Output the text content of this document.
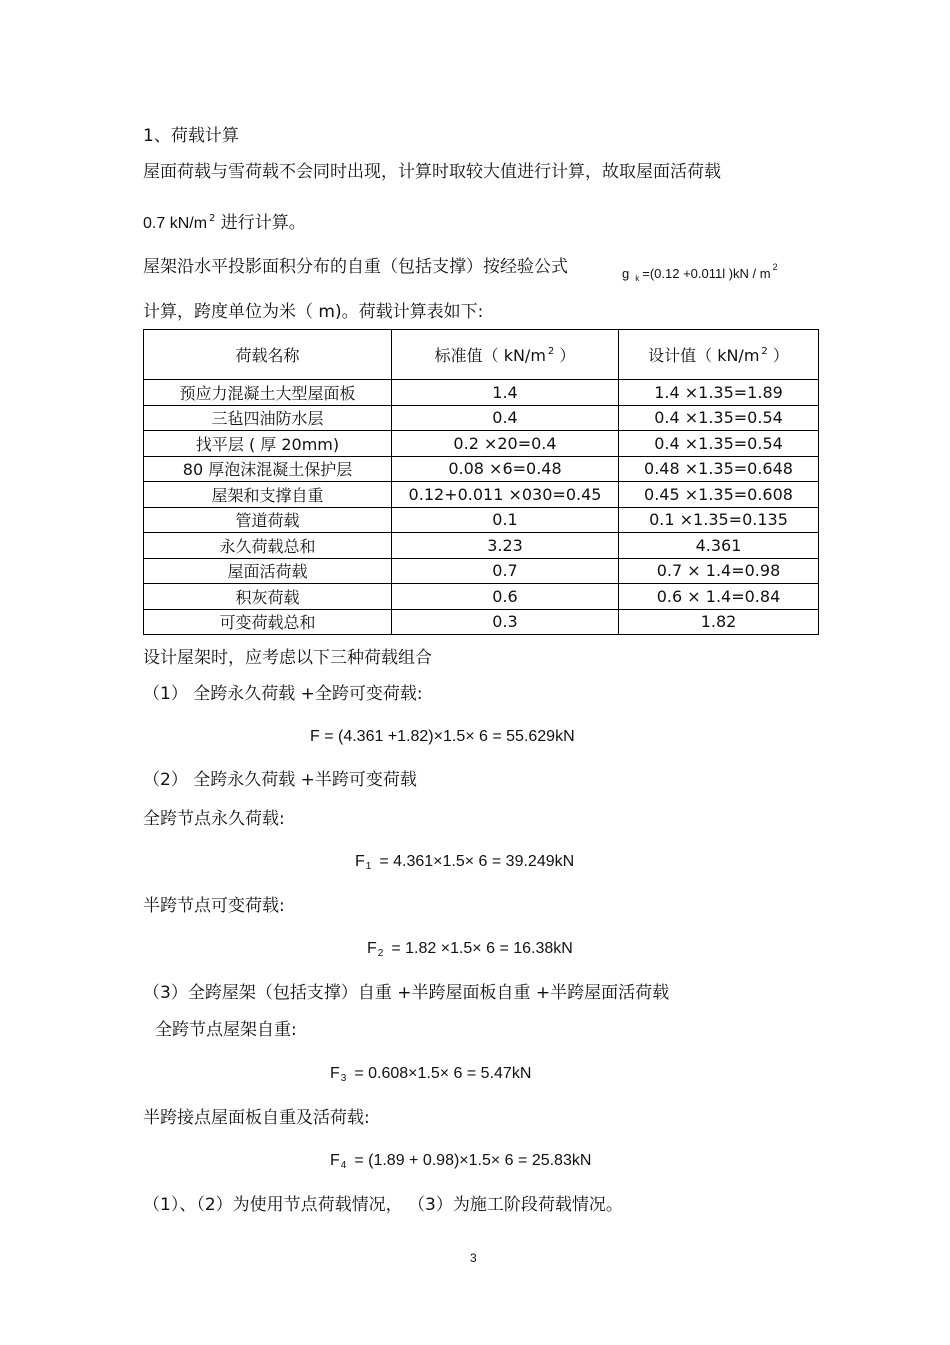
1、荷载计算
屋面荷载与雪荷载不会同时出现，计算时取较大值进行计算，故取屋面活荷载
0.7 kN/m $^2$ 进行计算。
屋架沿水平投影面积分布的自重（包括支撑）按经验公式	g $_k$ =(0.12 +0.011l )kN / m $^2$
计算，跨度单位为米（ m)。荷载计算表如下:
荷载名称	标准值（ kN/m $^2$ ）	设计值（ kN/m $^2$ ）
预应力混凝土大型屋面板	1.4	1.4 ×1.35=1.89
三毡四油防水层	0.4	0.4 ×1.35=0.54
找平层 ( 厚 20mm)	0.2 ×20=0.4	0.4 ×1.35=0.54
80 厚泡沫混凝土保护层	0.08 ×6=0.48	0.48 ×1.35=0.648
屋架和支撑自重	0.12+0.011 ×030=0.45	0.45 ×1.35=0.608
管道荷载	0.1	0.1 ×1.35=0.135
永久荷载总和	3.23	4.361
屋面活荷载	0.7	0.7 × 1.4=0.98
积灰荷载	0.6	0.6 × 1.4=0.84
可变荷载总和	0.3	1.82
设计屋架时，应考虑以下三种荷载组合
（1） 全跨永久荷载 +全跨可变荷载:
F = (4.361 +1.82)×1.5× 6 = 55.629kN
（2） 全跨永久荷载 +半跨可变荷载
全跨节点永久荷载:
$F_1 = 4.361\times 1.5\times 6 = 39.249kN$
半跨节点可变荷载:
$F_2 = 1.82 \times 1.5\times 6 = 16.38kN$
（3）全跨屋架（包括支撑）自重 +半跨屋面板自重 +半跨屋面活荷载
全跨节点屋架自重:
$F_3 = 0.608\times 1.5\times 6 = 5.47kN$
半跨接点屋面板自重及活荷载:
$F_4 = (1.89 + 0.98)\times 1.5\times 6 = 25.83kN$
（1）、（2）为使用节点荷载情况， （3）为施工阶段荷载情况。
3
